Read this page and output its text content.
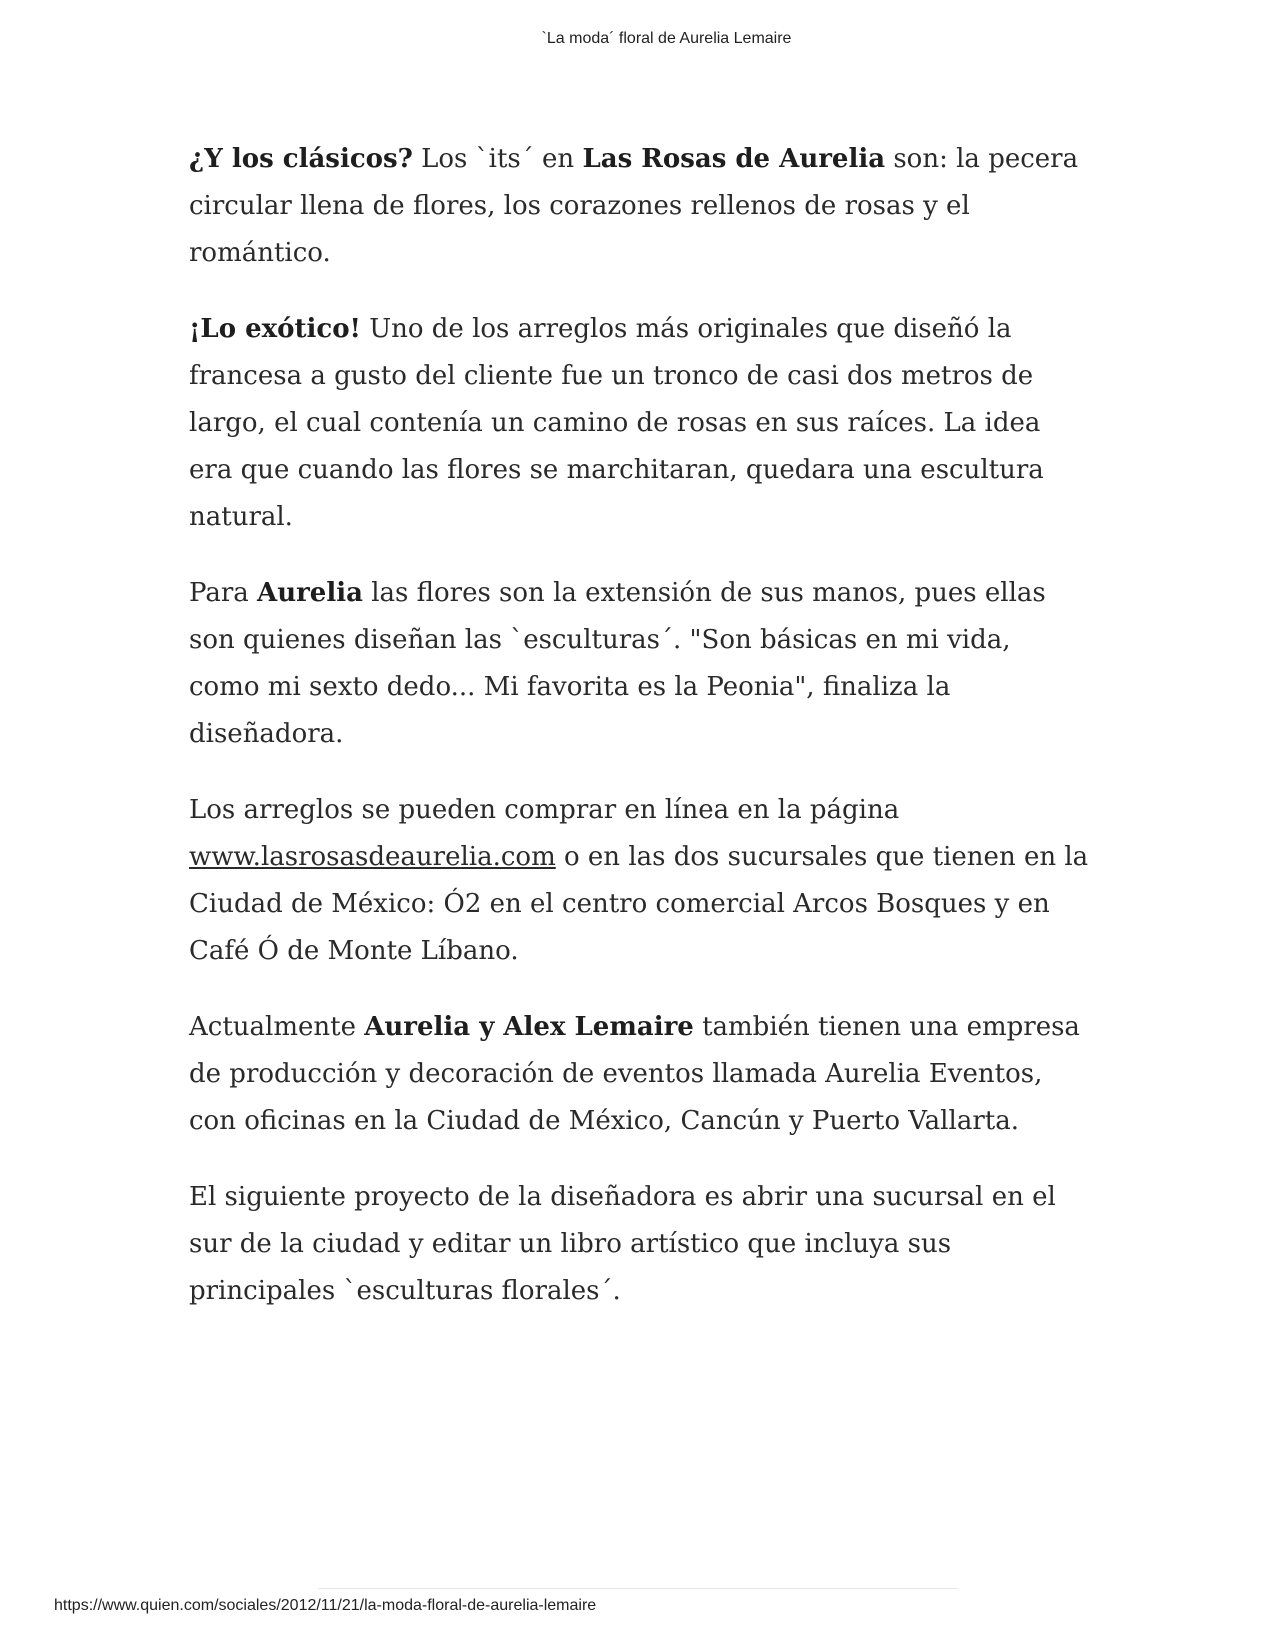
`La moda´ floral de Aurelia Lemaire

¿Y los clásicos? Los `its´ en Las Rosas de Aurelia son: la pecera circular llena de flores, los corazones rellenos de rosas y el romántico.

¡Lo exótico! Uno de los arreglos más originales que diseñó la francesa a gusto del cliente fue un tronco de casi dos metros de largo, el cual contenía un camino de rosas en sus raíces. La idea era que cuando las flores se marchitaran, quedara una escultura natural.

Para Aurelia las flores son la extensión de sus manos, pues ellas son quienes diseñan las `esculturas´. "Son básicas en mi vida, como mi sexto dedo... Mi favorita es la Peonia", finaliza la diseñadora.

Los arreglos se pueden comprar en línea en la página www.lasrosasdeaurelia.com o en las dos sucursales que tienen en la Ciudad de México: Ó2 en el centro comercial Arcos Bosques y en Café Ó de Monte Líbano.

Actualmente Aurelia y Alex Lemaire también tienen una empresa de producción y decoración de eventos llamada Aurelia Eventos, con oficinas en la Ciudad de México, Cancún y Puerto Vallarta.

El siguiente proyecto de la diseñadora es abrir una sucursal en el sur de la ciudad y editar un libro artístico que incluya sus principales `esculturas florales´.

https://www.quien.com/sociales/2012/11/21/la-moda-floral-de-aurelia-lemaire
